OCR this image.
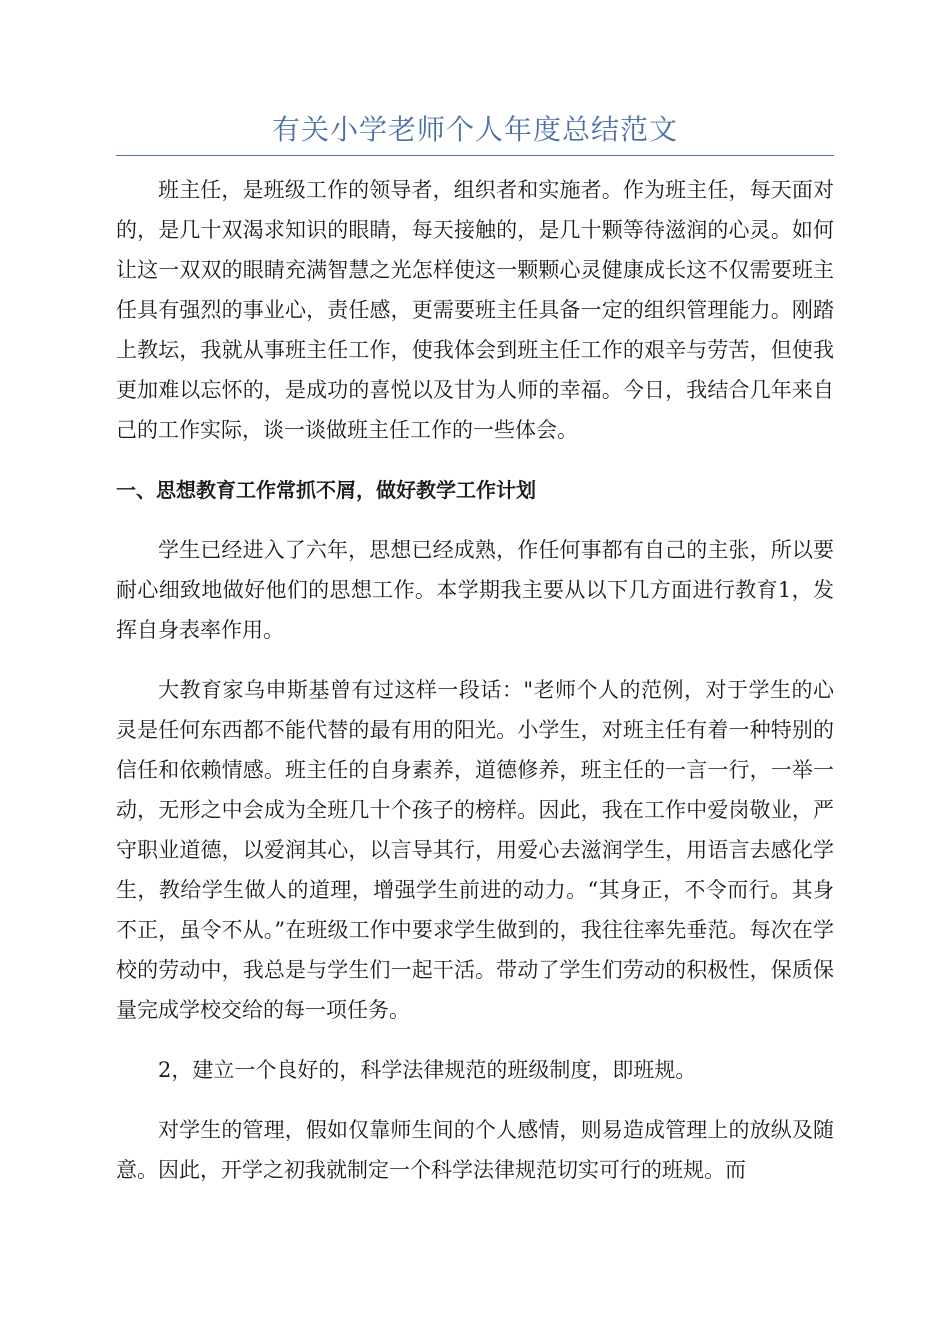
有关小学老师个人年度总结范文

班主任，是班级工作的领导者，组织者和实施者。作为班主任，每天面对的，是几十双渴求知识的眼睛，每天接触的，是几十颗等待滋润的心灵。如何让这一双双的眼睛充满智慧之光怎样使这一颗颗心灵健康成长这不仅需要班主任具有强烈的事业心，责任感，更需要班主任具备一定的组织管理能力。刚踏上教坛，我就从事班主任工作，使我体会到班主任工作的艰辛与劳苦，但使我更加难以忘怀的，是成功的喜悦以及甘为人师的幸福。今日，我结合几年来自己的工作实际，谈一谈做班主任工作的一些体会。

一、思想教育工作常抓不屑，做好教学工作计划

学生已经进入了六年，思想已经成熟，作任何事都有自己的主张，所以要耐心细致地做好他们的思想工作。本学期我主要从以下几方面进行教育1，发挥自身表率作用。

大教育家乌申斯基曾有过这样一段话："老师个人的范例，对于学生的心灵是任何东西都不能代替的最有用的阳光。小学生，对班主任有着一种特别的信任和依赖情感。班主任的自身素养，道德修养，班主任的一言一行，一举一动，无形之中会成为全班几十个孩子的榜样。因此，我在工作中爱岗敬业，严守职业道德，以爱润其心，以言导其行，用爱心去滋润学生，用语言去感化学生，教给学生做人的道理，增强学生前进的动力。“其身正，不令而行。其身不正，虽令不从。”在班级工作中要求学生做到的，我往往率先垂范。每次在学校的劳动中，我总是与学生们一起干活。带动了学生们劳动的积极性，保质保量完成学校交给的每一项任务。

2，建立一个良好的，科学法律规范的班级制度，即班规。

对学生的管理，假如仅靠师生间的个人感情，则易造成管理上的放纵及随意。因此，开学之初我就制定一个科学法律规范切实可行的班规。而
